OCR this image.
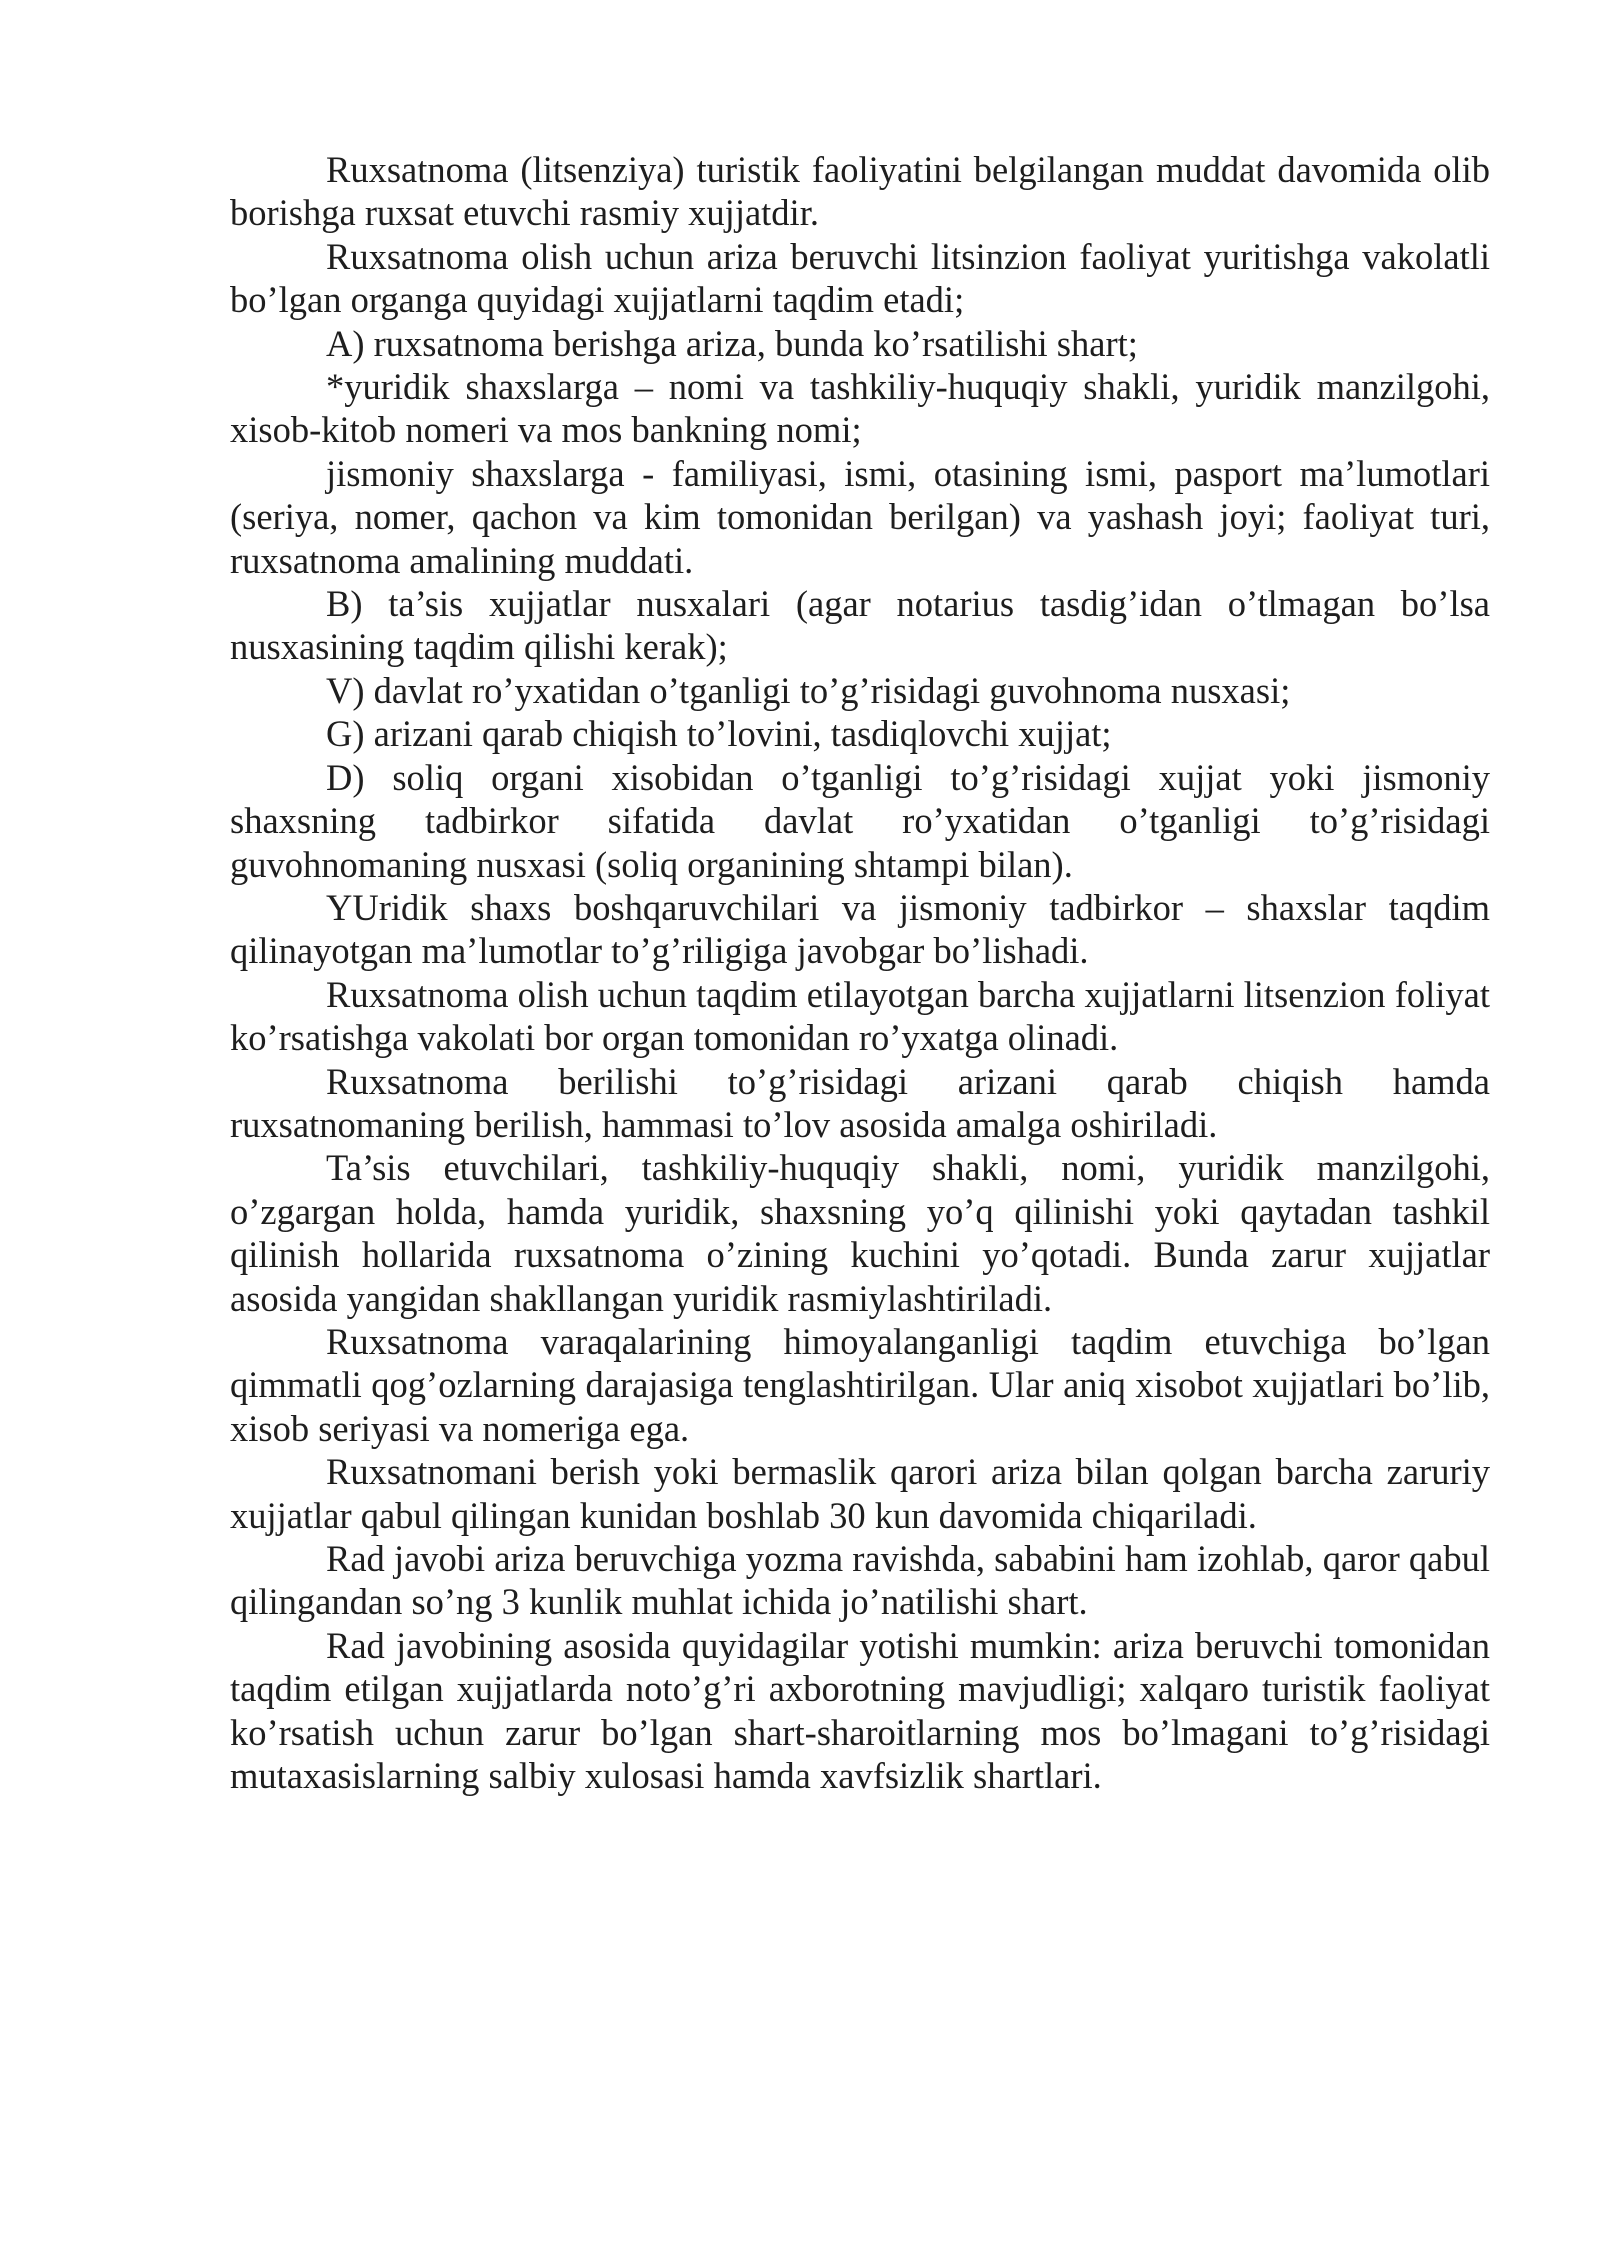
Ruxsatnoma (litsenziya) turistik faoliyatini belgilangan muddat davomida olib borishga ruxsat etuvchi rasmiy xujjatdir.

Ruxsatnoma olish uchun ariza beruvchi litsinzion faoliyat yuritishga vakolatli bo’lgan organga quyidagi xujjatlarni taqdim etadi;

A) ruxsatnoma berishga ariza, bunda ko’rsatilishi shart;

*yuridik shaxslarga – nomi va tashkiliy-huquqiy shakli, yuridik manzilgohi, xisob-kitob nomeri va mos bankning nomi;

jismoniy shaxslarga - familiyasi, ismi, otasining ismi, pasport ma’lumotlari (seriya, nomer, qachon va kim tomonidan berilgan) va yashash joyi; faoliyat turi, ruxsatnoma amalining muddati.

B) ta’sis xujjatlar nusxalari (agar notarius tasdig’idan o’tlmagan bo’lsa nusxasining taqdim qilishi kerak);

V) davlat ro’yxatidan o’tganligi to’g’risidagi guvohnoma nusxasi;

G) arizani qarab chiqish to’lovini, tasdiqlovchi xujjat;

D) soliq organi xisobidan o’tganligi to’g’risidagi xujjat yoki jismoniy shaxsning tadbirkor sifatida davlat ro’yxatidan o’tganligi to’g’risidagi guvohnomaning nusxasi (soliq organining shtampi bilan).

YUridik shaxs boshqaruvchilari va jismoniy tadbirkor – shaxslar taqdim qilinayotgan ma’lumotlar to’g’riligiga javobgar bo’lishadi.

Ruxsatnoma olish uchun taqdim etilayotgan barcha xujjatlarni litsenzion foliyat ko’rsatishga vakolati bor organ tomonidan ro’yxatga olinadi.

Ruxsatnoma berilishi to’g’risidagi arizani qarab chiqish hamda ruxsatnomaning berilish, hammasi to’lov asosida amalga oshiriladi.

Ta’sis etuvchilari, tashkiliy-huquqiy shakli, nomi, yuridik manzilgohi, o’zgargan holda, hamda yuridik, shaxsning yo’q qilinishi yoki qaytadan tashkil qilinish hollarida ruxsatnoma o’zining kuchini yo’qotadi. Bunda zarur xujjatlar asosida yangidan shakllangan yuridik rasmiylashtiriladi.

Ruxsatnoma varaqalarining himoyalanganligi taqdim etuvchiga bo’lgan qimmatli qog’ozlarning darajasiga tenglashtirilgan. Ular aniq xisobot xujjatlari bo’lib, xisob seriyasi va nomeriga ega.

Ruxsatnomani berish yoki bermaslik qarori ariza bilan qolgan barcha zaruriy xujjatlar qabul qilingan kunidan boshlab 30 kun davomida chiqariladi.

Rad javobi ariza beruvchiga yozma ravishda, sababini ham izohlab, qaror qabul qilingandan so’ng 3 kunlik muhlat ichida jo’natilishi shart.

Rad javobining asosida quyidagilar yotishi mumkin: ariza beruvchi tomonidan taqdim etilgan xujjatlarda noto’g’ri axborotning mavjudligi; xalqaro turistik faoliyat ko’rsatish uchun zarur bo’lgan shart-sharoitlarning mos bo’lmagani to’g’risidagi mutaxasislarning salbiy xulosasi hamda xavfsizlik shartlari.
